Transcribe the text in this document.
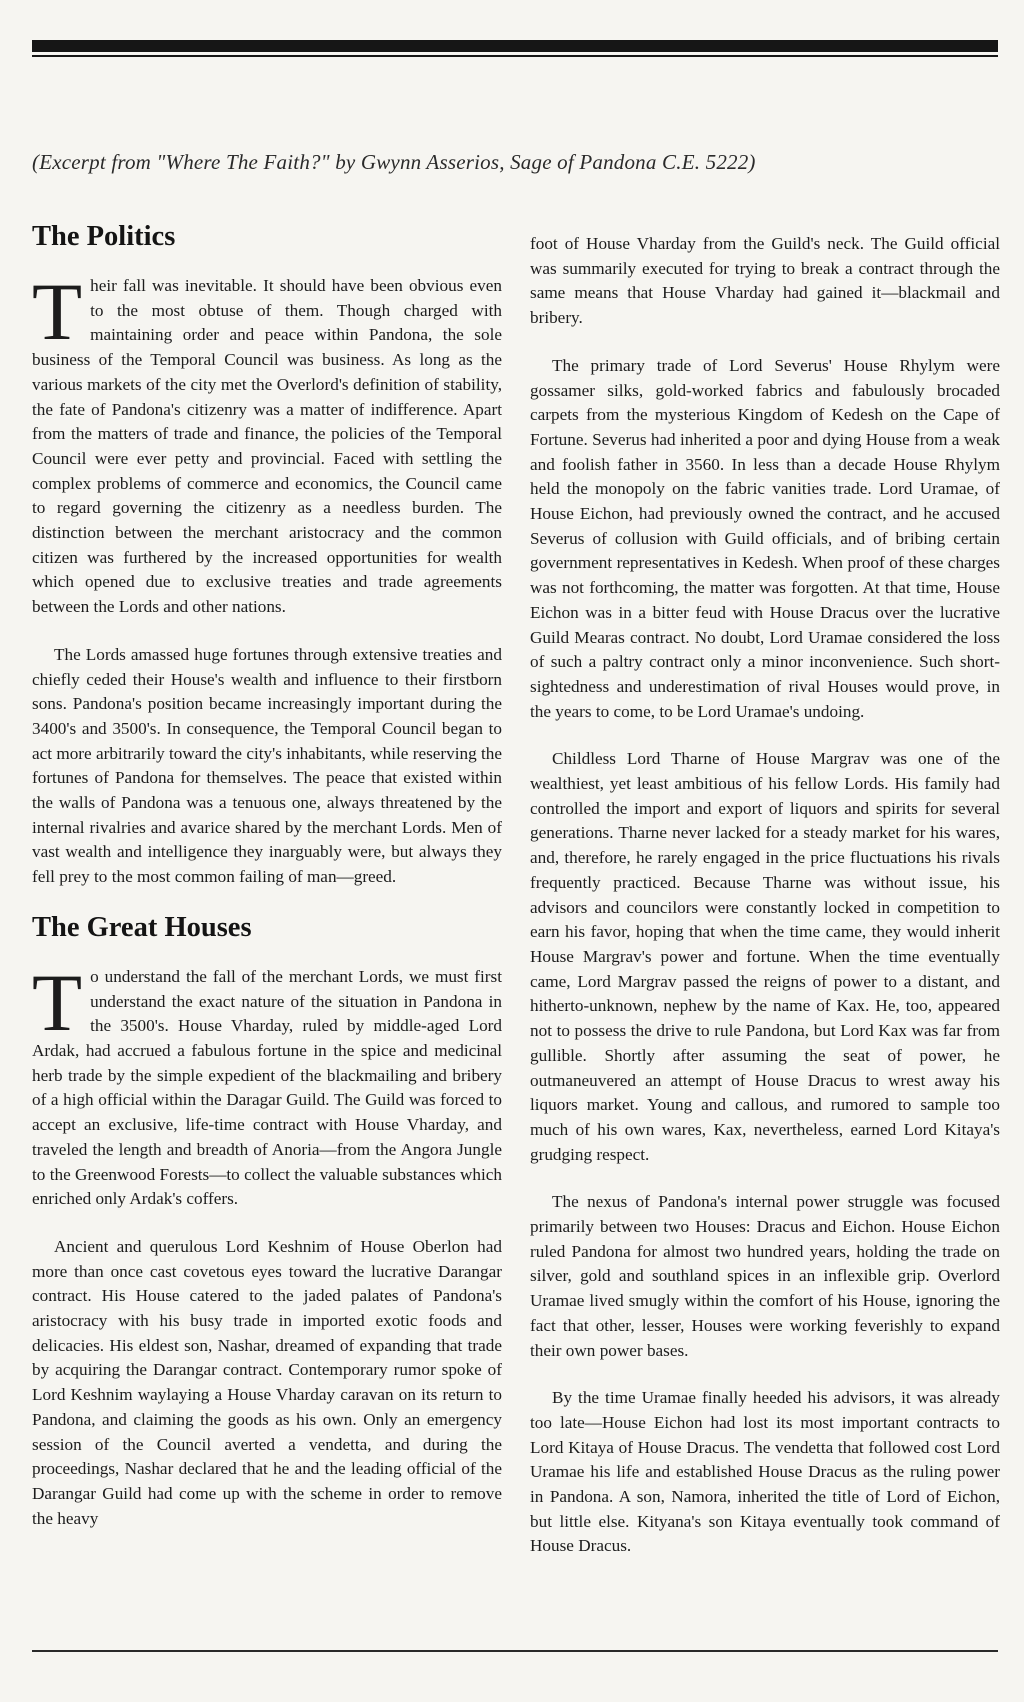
(Excerpt from "Where The Faith?" by Gwynn Asserios, Sage of Pandona C.E. 5222)
The Politics

Their fall was inevitable. It should have been obvious even to the most obtuse of them. Though charged with maintaining order and peace within Pandona, the sole business of the Temporal Council was business. As long as the various markets of the city met the Overlord's definition of stability, the fate of Pandona's citizenry was a matter of indifference. Apart from the matters of trade and finance, the policies of the Temporal Council were ever petty and provincial. Faced with settling the complex problems of commerce and economics, the Council came to regard governing the citizenry as a needless burden. The distinction between the merchant aristocracy and the common citizen was furthered by the increased opportunities for wealth which opened due to exclusive treaties and trade agreements between the Lords and other nations.

The Lords amassed huge fortunes through extensive treaties and chiefly ceded their House's wealth and influence to their firstborn sons. Pandona's position became increasingly important during the 3400's and 3500's. In consequence, the Temporal Council began to act more arbitrarily toward the city's inhabitants, while reserving the fortunes of Pandona for themselves. The peace that existed within the walls of Pandona was a tenuous one, always threatened by the internal rivalries and avarice shared by the merchant Lords. Men of vast wealth and intelligence they inarguably were, but always they fell prey to the most common failing of man—greed.

The Great Houses

To understand the fall of the merchant Lords, we must first understand the exact nature of the situation in Pandona in the 3500's. House Vharday, ruled by middle-aged Lord Ardak, had accrued a fabulous fortune in the spice and medicinal herb trade by the simple expedient of the blackmailing and bribery of a high official within the Daragar Guild. The Guild was forced to accept an exclusive, life-time contract with House Vharday, and traveled the length and breadth of Anoria—from the Angora Jungle to the Greenwood Forests—to collect the valuable substances which enriched only Ardak's coffers.

Ancient and querulous Lord Keshnim of House Oberlon had more than once cast covetous eyes toward the lucrative Darangar contract. His House catered to the jaded palates of Pandona's aristocracy with his busy trade in imported exotic foods and delicacies. His eldest son, Nashar, dreamed of expanding that trade by acquiring the Darangar contract. Contemporary rumor spoke of Lord Keshnim waylaying a House Vharday caravan on its return to Pandona, and claiming the goods as his own. Only an emergency session of the Council averted a vendetta, and during the proceedings, Nashar declared that he and the leading official of the Darangar Guild had come up with the scheme in order to remove the heavy

foot of House Vharday from the Guild's neck. The Guild official was summarily executed for trying to break a contract through the same means that House Vharday had gained it—blackmail and bribery.

The primary trade of Lord Severus' House Rhylym were gossamer silks, gold-worked fabrics and fabulously brocaded carpets from the mysterious Kingdom of Kedesh on the Cape of Fortune. Severus had inherited a poor and dying House from a weak and foolish father in 3560. In less than a decade House Rhylym held the monopoly on the fabric vanities trade. Lord Uramae, of House Eichon, had previously owned the contract, and he accused Severus of collusion with Guild officials, and of bribing certain government representatives in Kedesh. When proof of these charges was not forthcoming, the matter was forgotten. At that time, House Eichon was in a bitter feud with House Dracus over the lucrative Guild Mearas contract. No doubt, Lord Uramae considered the loss of such a paltry contract only a minor inconvenience. Such short-sightedness and underestimation of rival Houses would prove, in the years to come, to be Lord Uramae's undoing.

Childless Lord Tharne of House Margrav was one of the wealthiest, yet least ambitious of his fellow Lords. His family had controlled the import and export of liquors and spirits for several generations. Tharne never lacked for a steady market for his wares, and, therefore, he rarely engaged in the price fluctuations his rivals frequently practiced. Because Tharne was without issue, his advisors and councilors were constantly locked in competition to earn his favor, hoping that when the time came, they would inherit House Margrav's power and fortune. When the time eventually came, Lord Margrav passed the reigns of power to a distant, and hitherto-unknown, nephew by the name of Kax. He, too, appeared not to possess the drive to rule Pandona, but Lord Kax was far from gullible. Shortly after assuming the seat of power, he outmaneuvered an attempt of House Dracus to wrest away his liquors market. Young and callous, and rumored to sample too much of his own wares, Kax, nevertheless, earned Lord Kitaya's grudging respect.

The nexus of Pandona's internal power struggle was focused primarily between two Houses: Dracus and Eichon. House Eichon ruled Pandona for almost two hundred years, holding the trade on silver, gold and southland spices in an inflexible grip. Overlord Uramae lived smugly within the comfort of his House, ignoring the fact that other, lesser, Houses were working feverishly to expand their own power bases.

By the time Uramae finally heeded his advisors, it was already too late—House Eichon had lost its most important contracts to Lord Kitaya of House Dracus. The vendetta that followed cost Lord Uramae his life and established House Dracus as the ruling power in Pandona. A son, Namora, inherited the title of Lord of Eichon, but little else. Kityana's son Kitaya eventually took command of House Dracus.
